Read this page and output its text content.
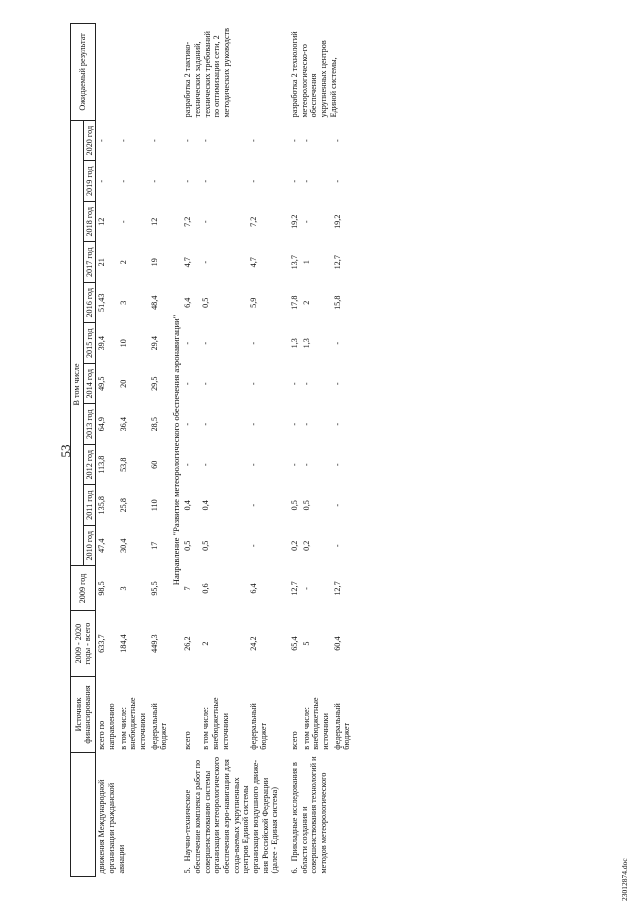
53
	Источник финансирования	2009 - 2020 годы - всего	2009 год	В том числе											Ожидаемый результат
				2010 год	2011 год	2012 год	2013 год	2014 год	2015 год	2016 год	2017 год	2018 год	2019 год	2020 год	
движения Международной организации гражданской авиации	всего по направлению	633,7	98,5	47,4	135,8	113,8	64,9	49,5	39,4	51,43	21	12	-	-	
	в том числе: внебюджетные источники	184,4	3	30,4	25,8	53,8	36,4	20	10	3	2	-	-	-	
	федеральный бюджет	449,3	95,5	17	110	60	28,5	29,5	29,4	48,4	19	12	-	-	
Направление "Развитие метеорологического обеспечения аэронавигации"															
5.Научно-техническое обеспечение комплекса работ по совершенствованию системы организации метеорологического обеспечения аэро-навигации для созда-ваемых укрупненных центров Единой системы организации воздушного движе-ния Российской Федерации (далее - Единая система)	всего	26,2	7	0,5	0,4	-	-	-	-	6,4	4,7	7,2	-	-	разработка 2 тактико-технических заданий, технических требований по оптимизации сети, 2 методических руководств
	в том числе: внебюджетные источники	2	0,6	0,5	0,4	-	-	-	-	0,5	-	-	-	-	
	федеральный бюджет	24,2	6,4	-	-	-	-	-	-	5,9	4,7	7,2	-	-	

6.Прикладные исследования в области создания и совершенствования технологий и методов метеорологического	всего	65,4	12,7	0,2	0,5	-	-	-	1,3	17,8	13,7	19,2	-	-	разработка 2 технологий метеорологическо-го обеспечения укрупненных центров Единой системы,
	в том числе: внебюджетные источники	5	-	0,2	0,5	-	-	-	1,3	2	1	-	-	-	
	федеральный бюджет	60,4	12,7	-	-	-	-	-	-	15,8	12,7	19,2	-	-	
23012874.doc
